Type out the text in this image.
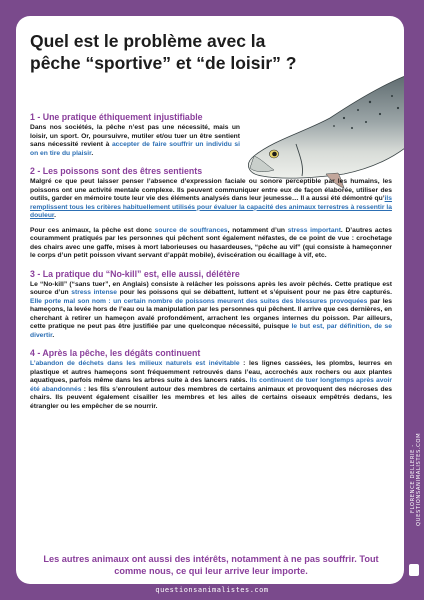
Quel est le problème avec la pêche “sportive” et “de loisir” ?
1 - Une pratique éthiquement injustifiable

Dans nos sociétés, la pêche n’est pas une nécessité, mais un loisir, un sport. Or, poursuivre, mutiler et/ou tuer un être sentient sans nécessité revient à accepter de faire souffrir un individu si on en tire du plaisir.

2 - Les poissons sont des êtres sentients

Malgré ce que peut laisser penser l’absence d’expression faciale ou sonore perceptible par les humains, les poissons ont une activité mentale complexe. Ils peuvent communiquer entre eux de façon élaborée, utiliser des outils, garder en mémoire toute leur vie des éléments analysés dans leur jeunesse… Il a aussi été démontré qu’ils remplissent tous les critères habituellement utilisés pour évaluer la capacité des animaux terrestres à ressentir la douleur.

Pour ces animaux, la pêche est donc source de souffrances, notamment d’un stress important. D’autres actes couramment pratiqués par les personnes qui pêchent sont également néfastes, de ce point de vue : crochetage des chairs avec une gaffe, mises à mort laborieuses ou hasardeuses, “pêche au vif” (qui consiste à hameçonner le corps d’un petit poisson vivant servant d’appât mobile), éviscération ou écaillage à vif, etc.

3 - La pratique du “No-kill” est, elle aussi, délétère

Le “No-kill” (“sans tuer”, en Anglais) consiste à relâcher les poissons après les avoir pêchés. Cette pratique est source d’un stress intense pour les poissons qui se débattent, luttent et s’épuisent pour ne pas être capturés. Elle porte mal son nom : un certain nombre de poissons meurent des suites des blessures provoquées par les hameçons, la levée hors de l’eau ou la manipulation par les personnes qui pêchent. Il arrive que ces dernières, en cherchant à retirer un hameçon avalé profondément, arrachent les organes internes du poisson. Par ailleurs, cette pratique ne peut pas être justifiée par une quelconque nécessité, puisque le but est, par définition, de se divertir.

4 - Après la pêche, les dégâts continuent

L’abandon de déchets dans les milieux naturels est inévitable : les lignes cassées, les plombs, leurres en plastique et autres hameçons sont fréquemment retrouvés dans l’eau, accrochés aux rochers ou aux plantes aquatiques, parfois même dans les arbres suite à des lancers ratés. Ils continuent de tuer longtemps après avoir été abandonnés : les fils s’enroulent autour des membres de certains animaux et provoquent des nécroses des chairs. Ils peuvent également cisailler les membres et les ailes de certains oiseaux empêtrés dedans, les étrangler ou les empêcher de se nourrir.

Les autres animaux ont aussi des intérêts, notamment à ne pas souffrir. Tout comme nous, ce qui leur arrive leur importe.

FLORENCE DELLERIE - QUESTIONSANIMALISTES.COM
questionsanimalistes.com
